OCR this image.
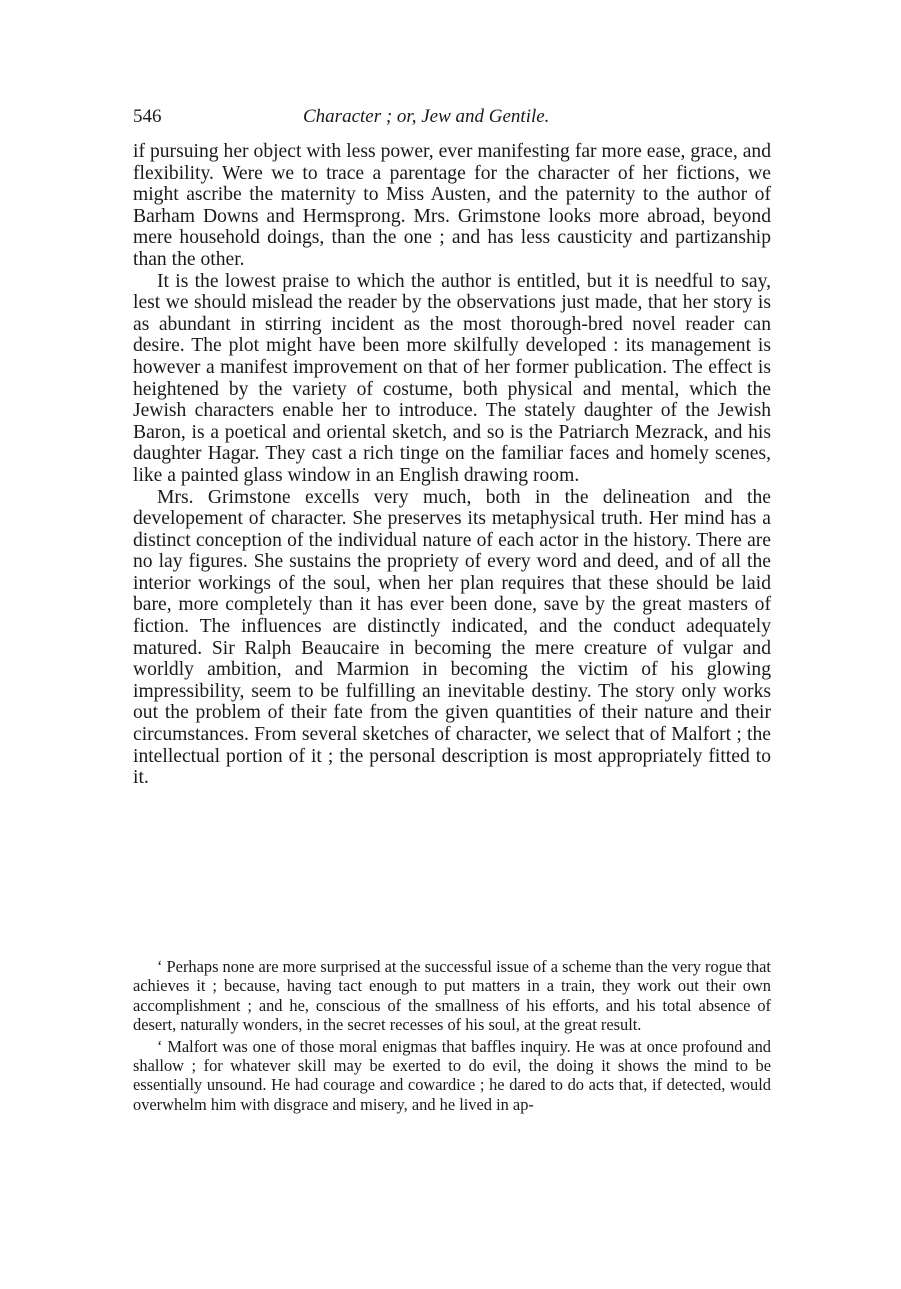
546	Character ; or, Jew and Gentile.

if pursuing her object with less power, ever manifesting far more ease, grace, and flexibility. Were we to trace a parentage for the character of her fictions, we might ascribe the maternity to Miss Austen, and the paternity to the author of Barham Downs and Hermsprong. Mrs. Grimstone looks more abroad, beyond mere household doings, than the one ; and has less causticity and partizanship than the other.

It is the lowest praise to which the author is entitled, but it is needful to say, lest we should mislead the reader by the observations just made, that her story is as abundant in stirring incident as the most thorough-bred novel reader can desire. The plot might have been more skilfully developed : its management is however a manifest improvement on that of her former publication. The effect is heightened by the variety of costume, both physical and mental, which the Jewish characters enable her to introduce. The stately daughter of the Jewish Baron, is a poetical and oriental sketch, and so is the Patriarch Mezrack, and his daughter Hagar. They cast a rich tinge on the familiar faces and homely scenes, like a painted glass window in an English drawing room.

Mrs. Grimstone excells very much, both in the delineation and the developement of character. She preserves its metaphysical truth. Her mind has a distinct conception of the individual nature of each actor in the history. There are no lay figures. She sustains the propriety of every word and deed, and of all the interior workings of the soul, when her plan requires that these should be laid bare, more completely than it has ever been done, save by the great masters of fiction. The influences are distinctly indicated, and the conduct adequately matured. Sir Ralph Beaucaire in becoming the mere creature of vulgar and worldly ambition, and Marmion in becoming the victim of his glowing impressibility, seem to be fulfilling an inevitable destiny. The story only works out the problem of their fate from the given quantities of their nature and their circumstances. From several sketches of character, we select that of Malfort ; the intellectual portion of it ; the personal description is most appropriately fitted to it.

‘ Perhaps none are more surprised at the successful issue of a scheme than the very rogue that achieves it ; because, having tact enough to put matters in a train, they work out their own accomplishment ; and he, conscious of the smallness of his efforts, and his total absence of desert, naturally wonders, in the secret recesses of his soul, at the great result.

‘ Malfort was one of those moral enigmas that baffles inquiry. He was at once profound and shallow ; for whatever skill may be exerted to do evil, the doing it shows the mind to be essentially unsound. He had courage and cowardice ; he dared to do acts that, if detected, would overwhelm him with disgrace and misery, and he lived in ap-
